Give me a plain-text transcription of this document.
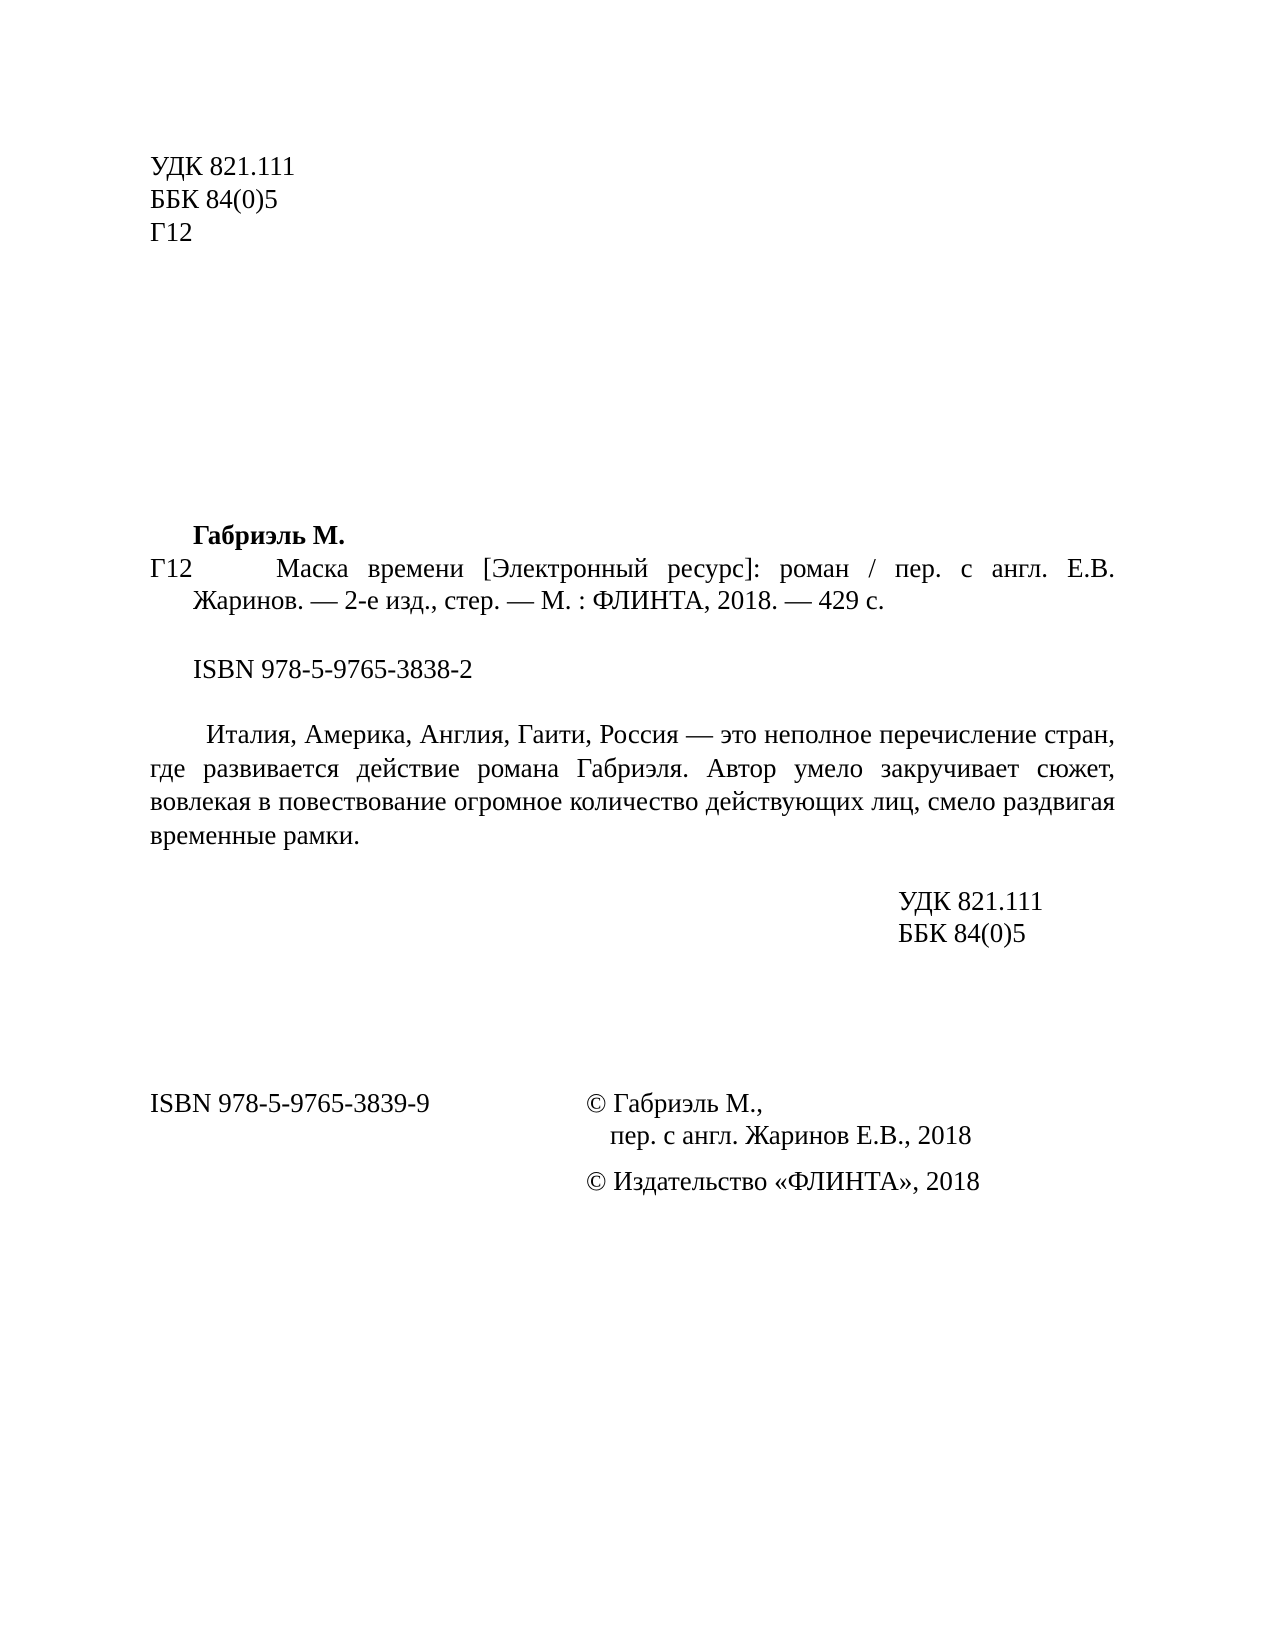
УДК 821.111
ББК 84(0)5
Г12
Габриэль М.
Г12	Маска времени [Электронный ресурс]: роман / пер. с англ. Е.В. Жаринов. — 2-е изд., стер. — М. : ФЛИНТА, 2018. — 429 с.
ISBN 978-5-9765-3838-2
Италия, Америка, Англия, Гаити, Россия — это неполное перечисление стран, где развивается действие романа Габриэля. Автор умело закручивает сюжет, вовлекая в повествование огромное количество действующих лиц, смело раздвигая временные рамки.
УДК 821.111
ББК 84(0)5
ISBN 978-5-9765-3839-9	© Габриэль М.,
пер. с англ. Жаринов Е.В., 2018
© Издательство «ФЛИНТА», 2018
